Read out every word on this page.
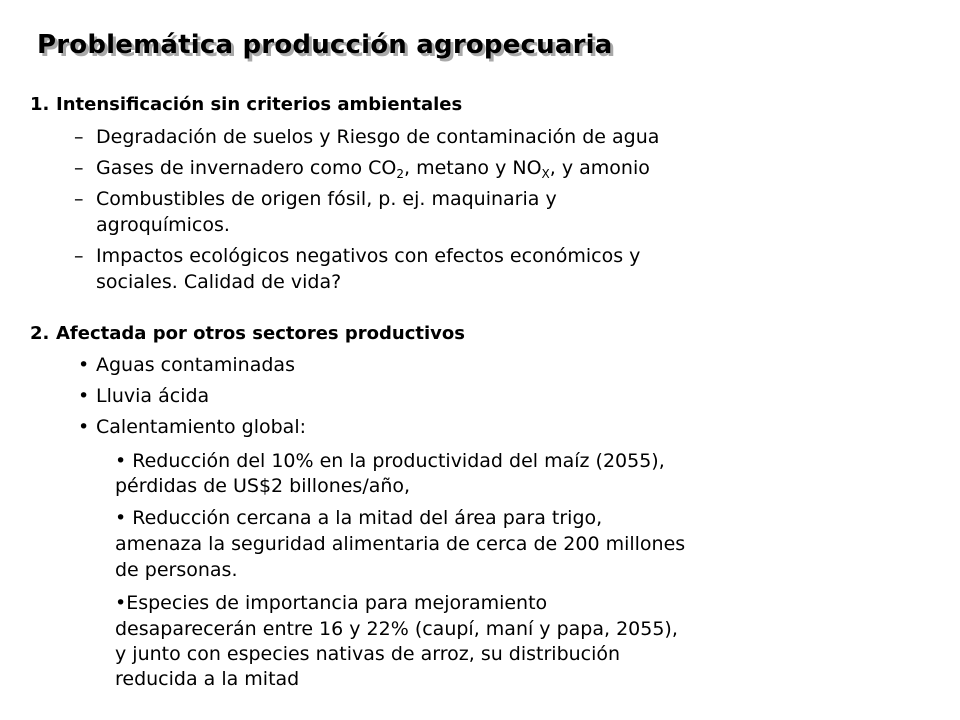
Problemática producción agropecuaria
1. Intensificación sin criterios ambientales
– Degradación de suelos y Riesgo de contaminación de agua
– Gases de invernadero como $CO_2$, metano y $NO_X$, y amonio
– Combustibles de origen fósil, p. ej. maquinaria y
agroquímicos.
– Impactos ecológicos negativos con efectos económicos y
sociales. Calidad de vida?
2. Afectada por otros sectores productivos
• Aguas contaminadas
• Lluvia ácida
• Calentamiento global:
• Reducción del 10% en la productividad del maíz (2055),
pérdidas de US$2 billones/año,
• Reducción cercana a la mitad del área para trigo,
amenaza la seguridad alimentaria de cerca de 200 millones
de personas.
•Especies de importancia para mejoramiento
desaparecerán entre 16 y 22% (caupí, maní y papa, 2055),
y junto con especies nativas de arroz, su distribución
reducida a la mitad
